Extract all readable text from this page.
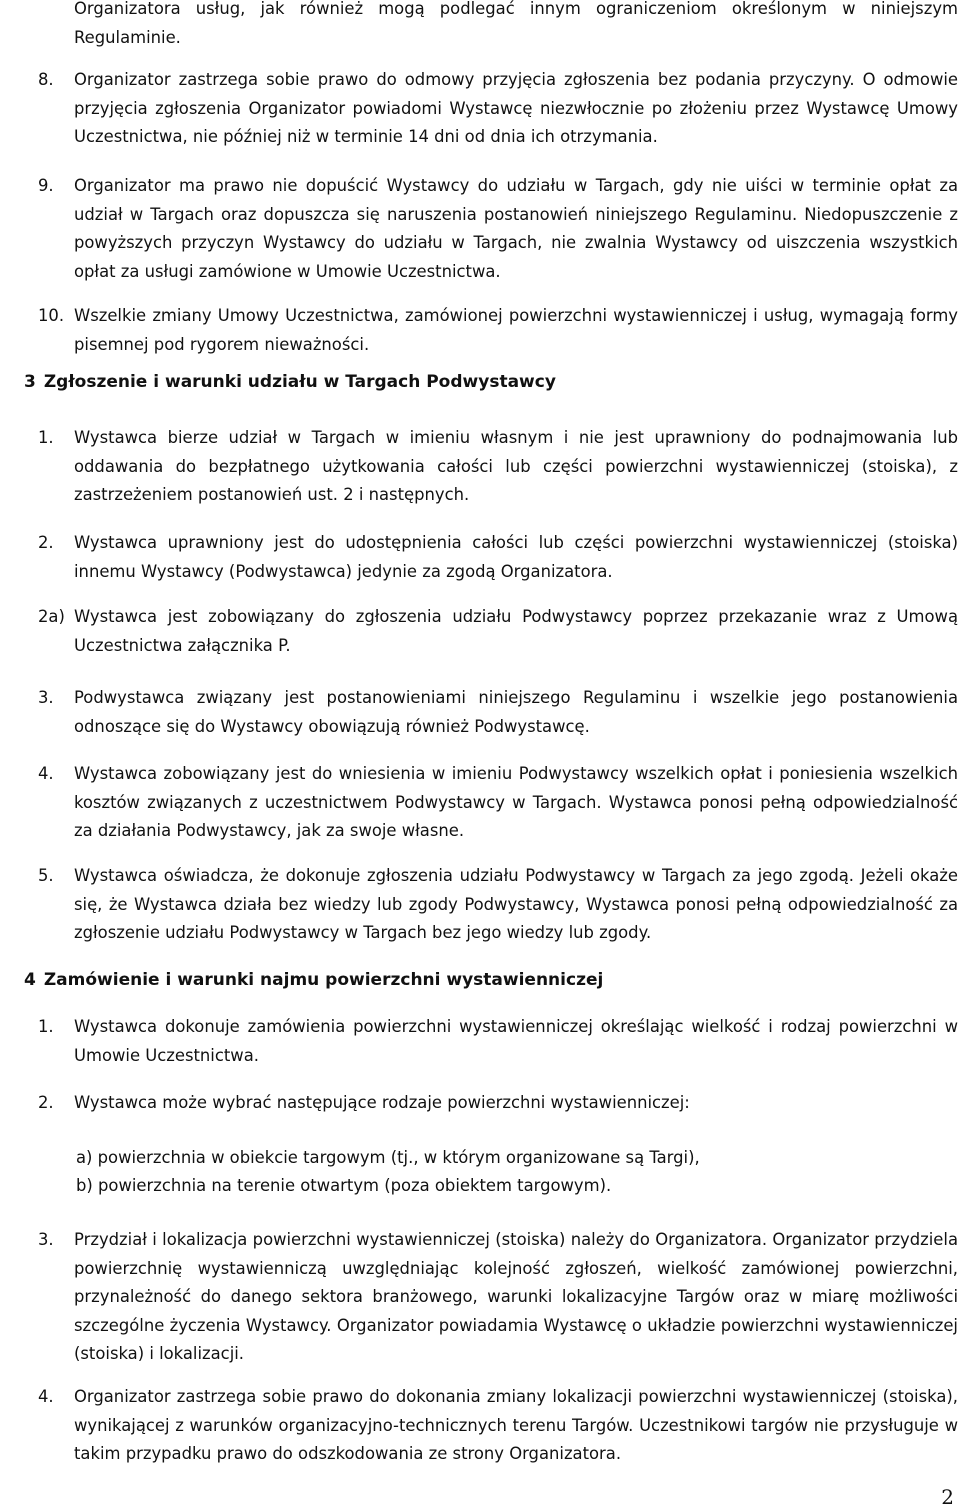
Organizatora usług, jak również mogą podlegać innym ograniczeniom określonym w niniejszym Regulaminie.
8. Organizator zastrzega sobie prawo do odmowy przyjęcia zgłoszenia bez podania przyczyny. O odmowie przyjęcia zgłoszenia Organizator powiadomi Wystawcę niezwłocznie po złożeniu przez Wystawcę Umowy Uczestnictwa, nie później niż w terminie 14 dni od dnia ich otrzymania.
9. Organizator ma prawo nie dopuścić Wystawcy do udziału w Targach, gdy nie uiści w terminie opłat za udział w Targach oraz dopuszcza się naruszenia postanowień niniejszego Regulaminu. Niedopuszczenie z powyższych przyczyn Wystawcy do udziału w Targach, nie zwalnia Wystawcy od uiszczenia wszystkich opłat za usługi zamówione w Umowie Uczestnictwa.
10. Wszelkie zmiany Umowy Uczestnictwa, zamówionej powierzchni wystawienniczej i usług, wymagają formy pisemnej pod rygorem nieważności.
3 Zgłoszenie i warunki udziału w Targach Podwystawcy
1. Wystawca bierze udział w Targach w imieniu własnym i nie jest uprawniony do podnajmowania lub oddawania do bezpłatnego użytkowania całości lub części powierzchni wystawienniczej (stoiska), z zastrzeżeniem postanowień ust. 2 i następnych.
2. Wystawca uprawniony jest do udostępnienia całości lub części powierzchni wystawienniczej (stoiska) innemu Wystawcy (Podwystawca) jedynie za zgodą Organizatora.
2a) Wystawca jest zobowiązany do zgłoszenia udziału Podwystawcy poprzez przekazanie wraz z Umową Uczestnictwa załącznika P.
3. Podwystawca związany jest postanowieniami niniejszego Regulaminu i wszelkie jego postanowienia odnoszące się do Wystawcy obowiązują również Podwystawcę.
4. Wystawca zobowiązany jest do wniesienia w imieniu Podwystawcy wszelkich opłat i poniesienia wszelkich kosztów związanych z uczestnictwem Podwystawcy w Targach. Wystawca ponosi pełną odpowiedzialność za działania Podwystawcy, jak za swoje własne.
5. Wystawca oświadcza, że dokonuje zgłoszenia udziału Podwystawcy w Targach za jego zgodą. Jeżeli okaże się, że Wystawca działa bez wiedzy lub zgody Podwystawcy, Wystawca ponosi pełną odpowiedzialność za zgłoszenie udziału Podwystawcy w Targach bez jego wiedzy lub zgody.
4 Zamówienie i warunki najmu powierzchni wystawienniczej
1. Wystawca dokonuje zamówienia powierzchni wystawienniczej określając wielkość i rodzaj powierzchni w Umowie Uczestnictwa.
2. Wystawca może wybrać następujące rodzaje powierzchni wystawienniczej:
a) powierzchnia w obiekcie targowym (tj., w którym organizowane są Targi),
b) powierzchnia na terenie otwartym (poza obiektem targowym).
3. Przydział i lokalizacja powierzchni wystawienniczej (stoiska) należy do Organizatora. Organizator przydziela powierzchnię wystawienniczą uwzględniając kolejność zgłoszeń, wielkość zamówionej powierzchni, przynależność do danego sektora branżowego, warunki lokalizacyjne Targów oraz w miarę możliwości szczególne życzenia Wystawcy. Organizator powiadamia Wystawcę o układzie powierzchni wystawienniczej (stoiska) i lokalizacji.
4. Organizator zastrzega sobie prawo do dokonania zmiany lokalizacji powierzchni wystawienniczej (stoiska), wynikającej z warunków organizacyjno-technicznych terenu Targów. Uczestnikowi targów nie przysługuje w takim przypadku prawo do odszkodowania ze strony Organizatora.
2
